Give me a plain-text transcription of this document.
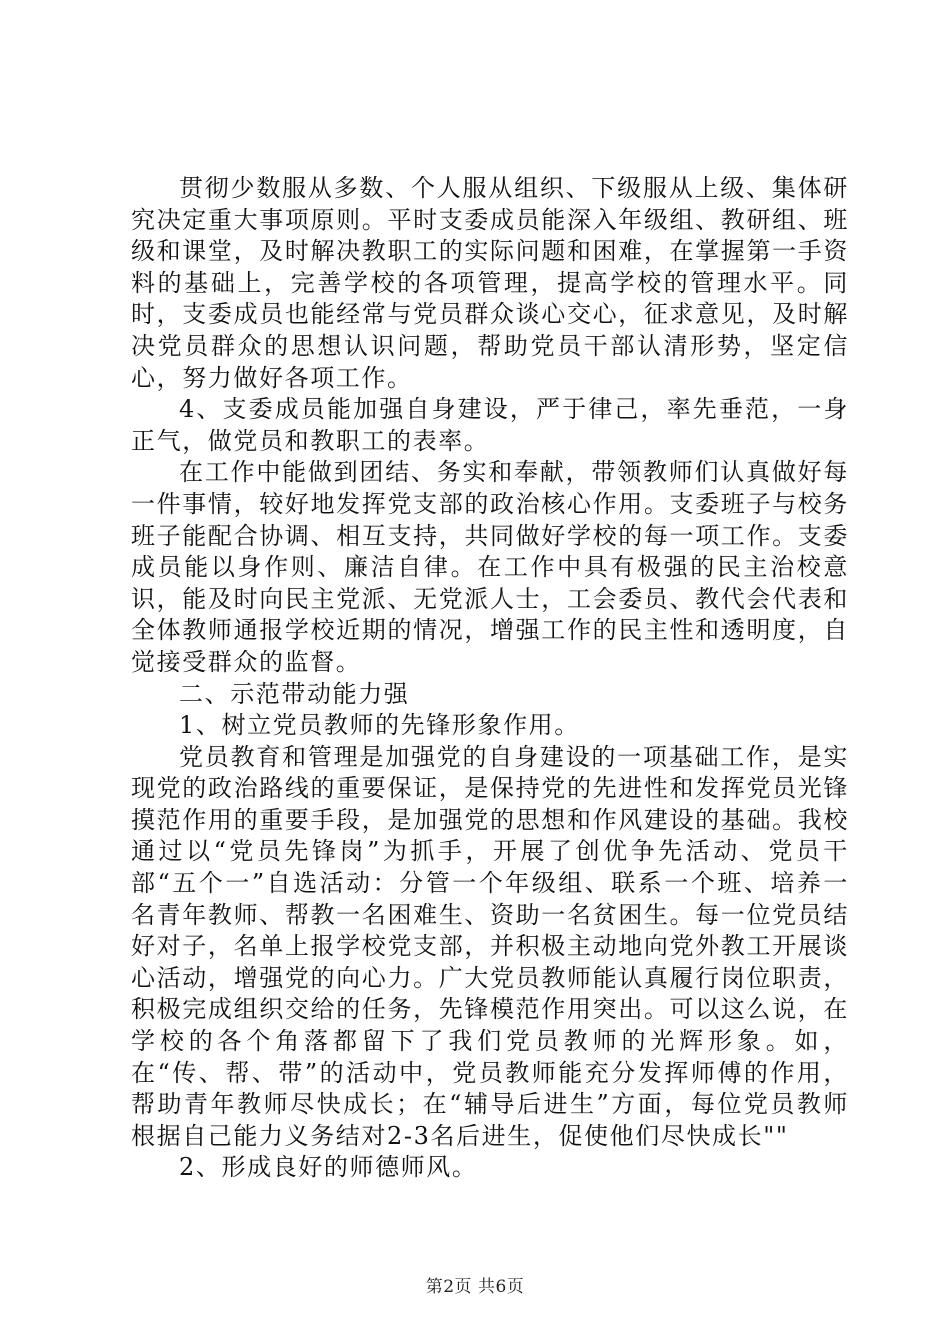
贯彻少数服从多数、个人服从组织、下级服从上级、集体研究决定重大事项原则。平时支委成员能深入年级组、教研组、班级和课堂，及时解决教职工的实际问题和困难，在掌握第一手资料的基础上，完善学校的各项管理，提高学校的管理水平。同时，支委成员也能经常与党员群众谈心交心，征求意见，及时解决党员群众的思想认识问题，帮助党员干部认清形势，坚定信心，努力做好各项工作。

4、支委成员能加强自身建设，严于律己，率先垂范，一身正气，做党员和教职工的表率。

在工作中能做到团结、务实和奉献，带领教师们认真做好每一件事情，较好地发挥党支部的政治核心作用。支委班子与校务班子能配合协调、相互支持，共同做好学校的每一项工作。支委成员能以身作则、廉洁自律。在工作中具有极强的民主治校意识，能及时向民主党派、无党派人士，工会委员、教代会代表和全体教师通报学校近期的情况，增强工作的民主性和透明度，自觉接受群众的监督。

二、示范带动能力强

1、树立党员教师的先锋形象作用。

党员教育和管理是加强党的自身建设的一项基础工作，是实现党的政治路线的重要保证，是保持党的先进性和发挥党员光锋摸范作用的重要手段，是加强党的思想和作风建设的基础。我校通过以“党员先锋岗”为抓手，开展了创优争先活动、党员干部“五个一”自选活动：分管一个年级组、联系一个班、培养一名青年教师、帮教一名困难生、资助一名贫困生。每一位党员结好对子，名单上报学校党支部，并积极主动地向党外教工开展谈心活动，增强党的向心力。广大党员教师能认真履行岗位职责，积极完成组织交给的任务，先锋模范作用突出。可以这么说，在学校的各个角落都留下了我们党员教师的光辉形象。如，在“传、帮、带”的活动中，党员教师能充分发挥师傅的作用，帮助青年教师尽快成长；在“辅导后进生”方面，每位党员教师根据自己能力义务结对2-3名后进生，促使他们尽快成长""

2、形成良好的师德师风。

第2页 共6页
